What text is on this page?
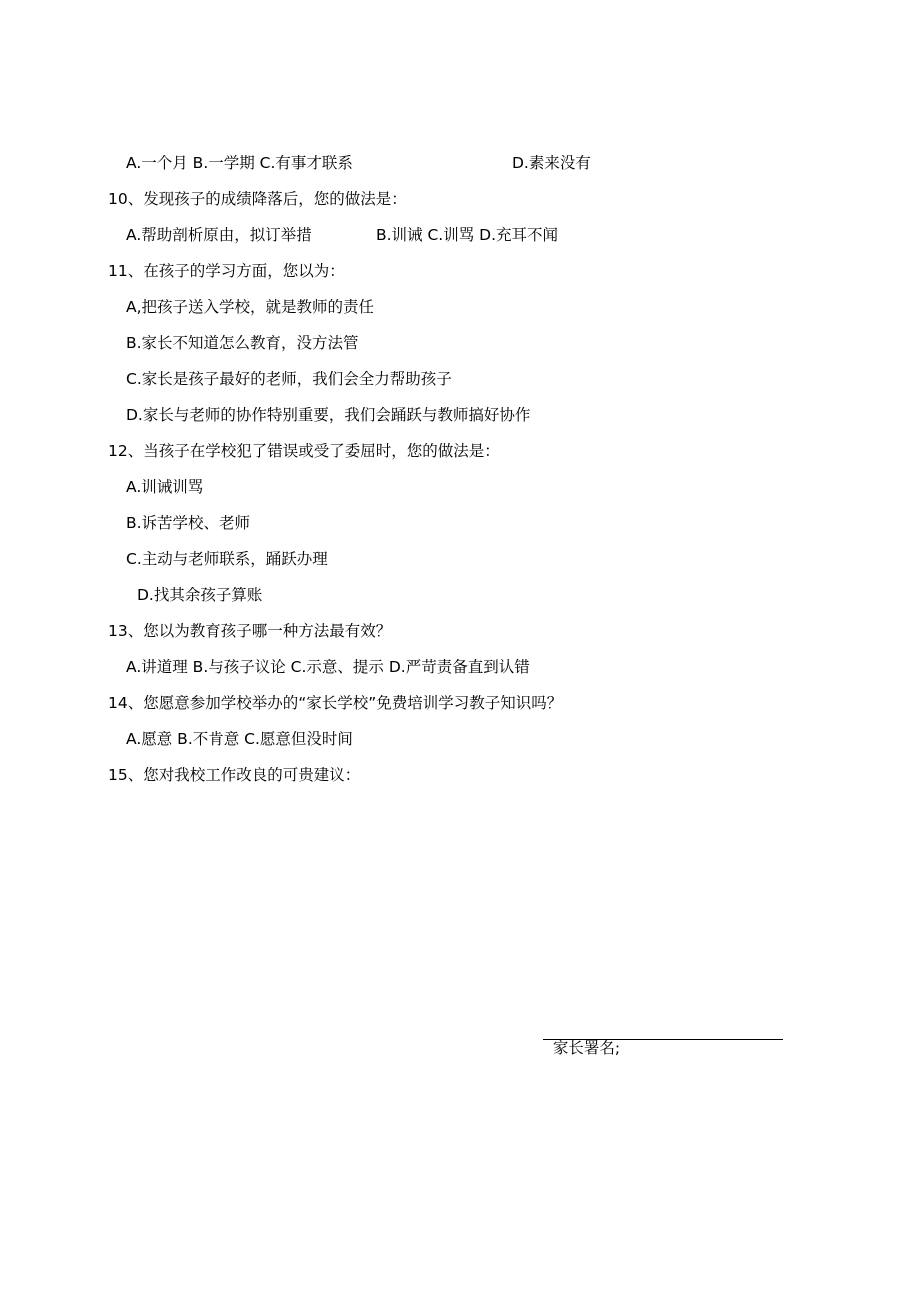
A.一个月 B.一学期 C.有事才联系	D.素来没有

10、发现孩子的成绩降落后，您的做法是：

A.帮助剖析原由，拟订举措	B.训诫 C.训骂 D.充耳不闻

11、在孩子的学习方面，您以为：

A,把孩子送入学校，就是教师的责任

B.家长不知道怎么教育，没方法管

C.家长是孩子最好的老师，我们会全力帮助孩子

D.家长与老师的协作特别重要，我们会踊跃与教师搞好协作

12、当孩子在学校犯了错误或受了委屈时，您的做法是：

A.训诫训骂

B.诉苦学校、老师

C.主动与老师联系，踊跃办理

D.找其余孩子算账

13、您以为教育孩子哪一种方法最有效？

A.讲道理 B.与孩子议论 C.示意、提示 D.严苛责备直到认错

14、您愿意参加学校举办的“家长学校”免费培训学习教子知识吗？

A.愿意 B.不肯意 C.愿意但没时间

15、您对我校工作改良的可贵建议：

家长署名;
